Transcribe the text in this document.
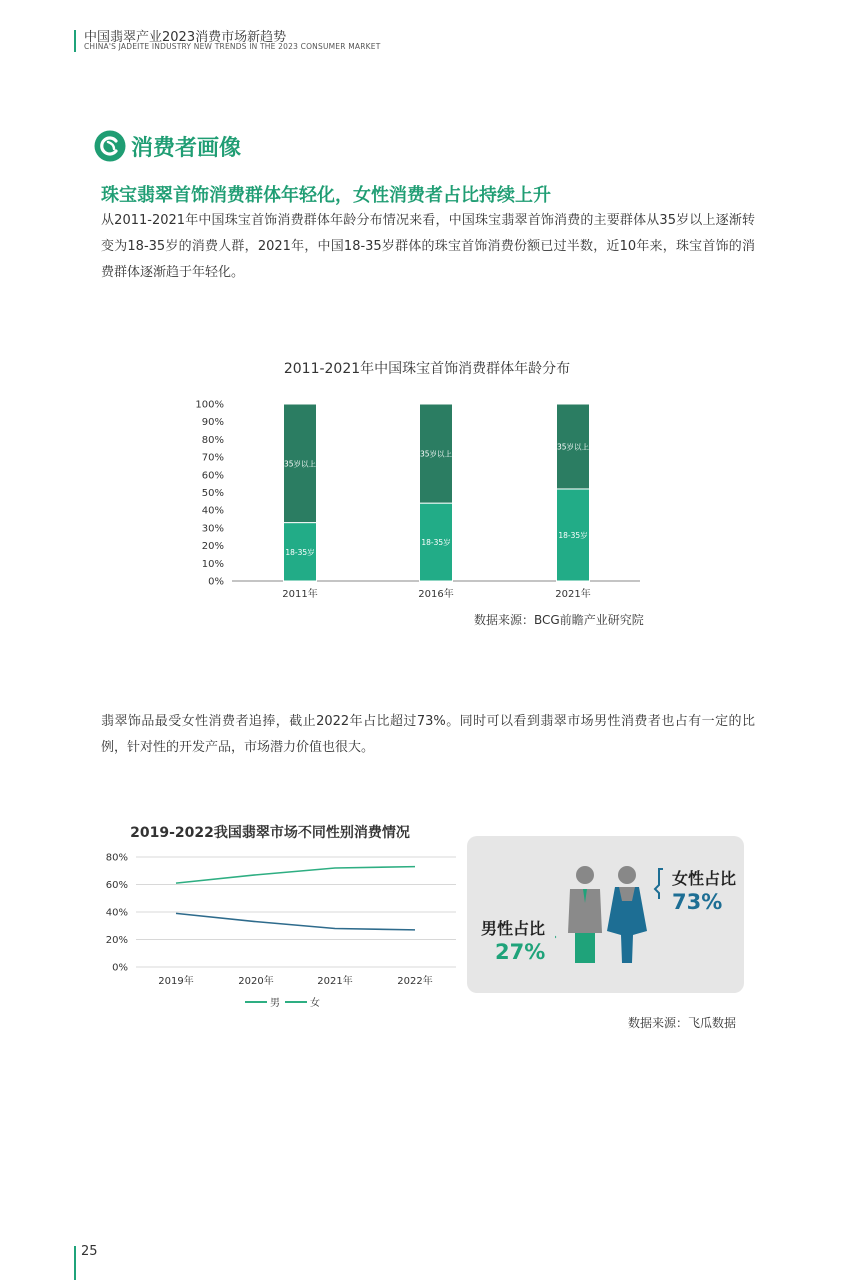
中国翡翠产业2023消费市场新趋势
CHINA'S JADEITE INDUSTRY NEW TRENDS IN THE 2023 CONSUMER MARKET
消费者画像
珠宝翡翠首饰消费群体年轻化，女性消费者占比持续上升
从2011-2021年中国珠宝首饰消费群体年龄分布情况来看，中国珠宝翡翠首饰消费的主要群体从35岁以上逐渐转变为18-35岁的消费人群，2021年，中国18-35岁群体的珠宝首饰消费份额已过半数，近10年来，珠宝首饰的消费群体逐渐趋于年轻化。
2011-2021年中国珠宝首饰消费群体年龄分布
0%
10%
20%
30%
40%
50%
60%
70%
80%
90%
100%
18-35岁
35岁以上
2011年
18-35岁
35岁以上
2016年
18-35岁
35岁以上
2021年
数据来源：BCG前瞻产业研究院
翡翠饰品最受女性消费者追捧，截止2022年占比超过73%。同时可以看到翡翠市场男性消费者也占有一定的比例，针对性的开发产品，市场潜力价值也很大。
2019-2022我国翡翠市场不同性别消费情况
0%
20%
40%
60%
80%
2019年	2020年	2021年	2022年
男	女
女性占比
73%
男性占比
27%
数据来源：飞瓜数据
25
